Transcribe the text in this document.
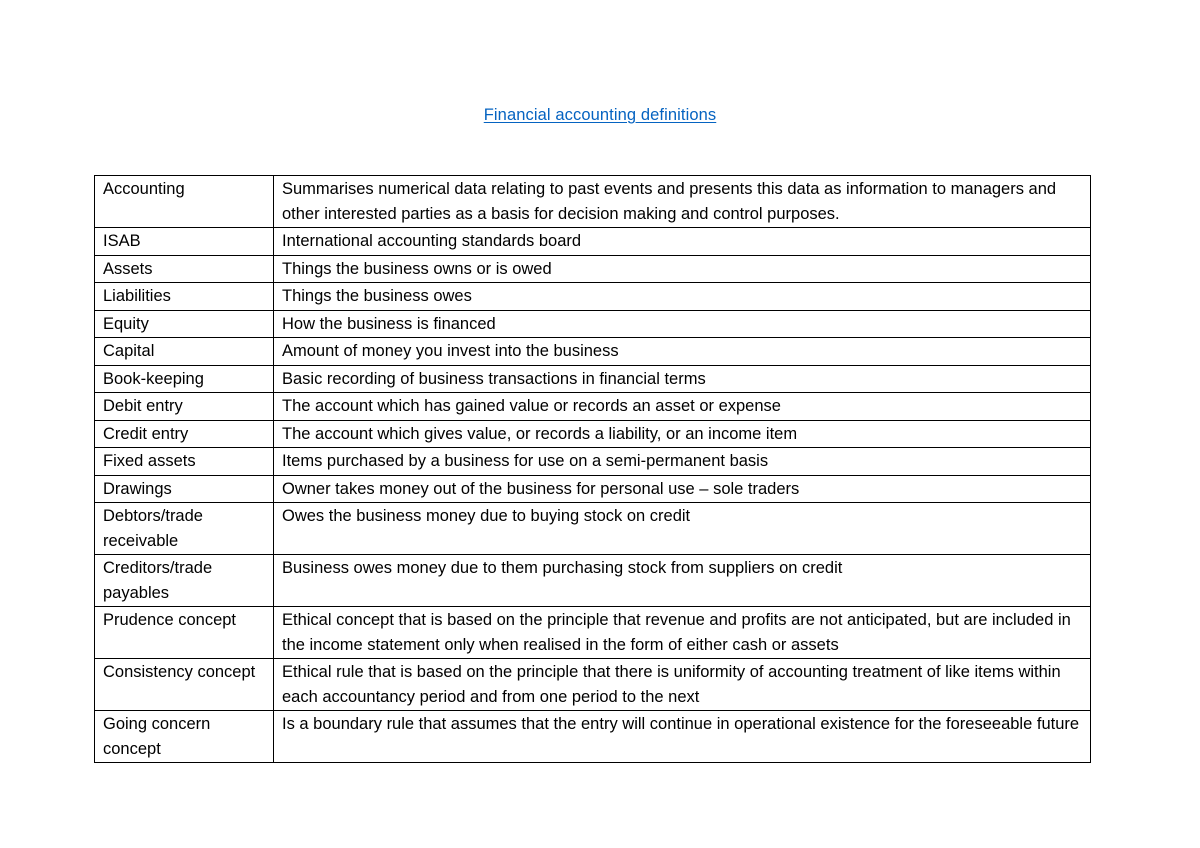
Financial accounting definitions
Accounting	Summarises numerical data relating to past events and presents this data as information to managers and other interested parties as a basis for decision making and control purposes.
ISAB	International accounting standards board
Assets	Things the business owns or is owed
Liabilities	Things the business owes
Equity	How the business is financed
Capital	Amount of money you invest into the business
Book-keeping	Basic recording of business transactions in financial terms
Debit entry	The account which has gained value or records an asset or expense
Credit entry	The account which gives value, or records a liability, or an income item
Fixed assets	Items purchased by a business for use on a semi-permanent basis
Drawings	Owner takes money out of the business for personal use – sole traders
Debtors/trade receivable	Owes the business money due to buying stock on credit
Creditors/trade payables	Business owes money due to them purchasing stock from suppliers on credit
Prudence concept	Ethical concept that is based on the principle that revenue and profits are not anticipated, but are included in the income statement only when realised in the form of either cash or assets
Consistency concept	Ethical rule that is based on the principle that there is uniformity of accounting treatment of like items within each accountancy period and from one period to the next
Going concern concept	Is a boundary rule that assumes that the entry will continue in operational existence for the foreseeable future
